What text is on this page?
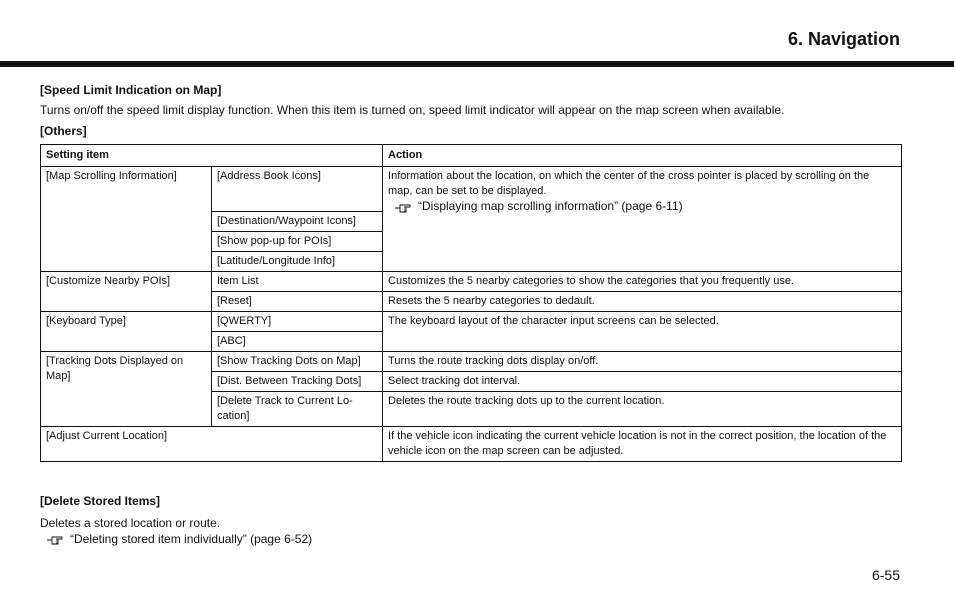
6. Navigation
[Speed Limit Indication on Map]
Turns on/off the speed limit display function. When this item is turned on, speed limit indicator will appear on the map screen when available.
[Others]
Setting item		Action
[Map Scrolling Information]	[Address Book Icons]	Information about the location, on which the center of the cross pointer is placed by scrolling on the map, can be set to be displayed.
“Displaying map scrolling information” (page 6-11)

	[Destination/Waypoint Icons]	
	[Show pop-up for POIs]	
	[Latitude/Longitude Info]	
[Customize Nearby POIs]	Item List	Customizes the 5 nearby categories to show the categories that you frequently use.
	[Reset]	Resets the 5 nearby categories to dedault.
[Keyboard Type]	[QWERTY]	The keyboard layout of the character input screens can be selected.
	[ABC]	
[Tracking Dots Displayed on Map]	[Show Tracking Dots on Map]	Turns the route tracking dots display on/off.
	[Dist. Between Tracking Dots]	Select tracking dot interval.
	[Delete Track to Current Lo-cation]	Deletes the route tracking dots up to the current location.
[Adjust Current Location]		If the vehicle icon indicating the current vehicle location is not in the correct position, the location of the vehicle icon on the map screen can be adjusted.
[Delete Stored Items]
Deletes a stored location or route.
“Deleting stored item individually” (page 6-52)
6-55
